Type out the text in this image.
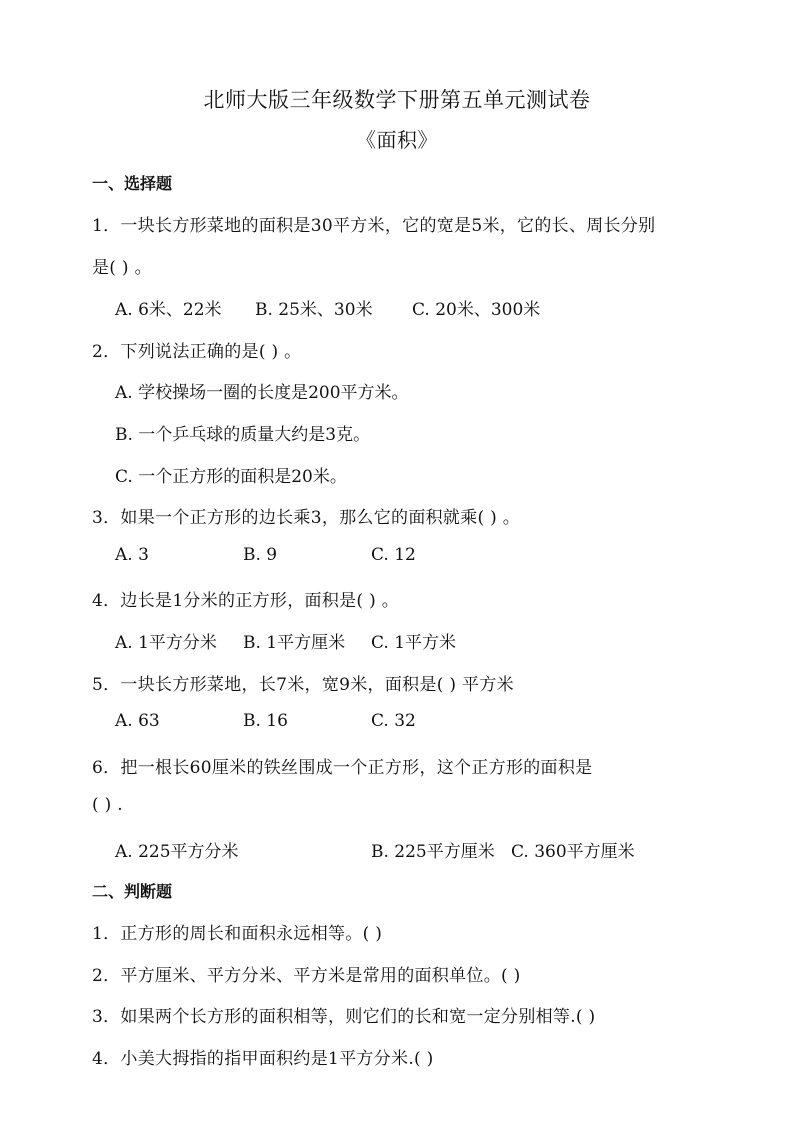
北师大版三年级数学下册第五单元测试卷
《面积》
一、选择题
1．一块长方形菜地的面积是30平方米，它的宽是5米，它的长、周长分别
是( ) 。
A. 6米、22米 B. 25米、30米 C. 20米、300米
2．下列说法正确的是( ) 。
A. 学校操场一圈的长度是200平方米。
B. 一个乒乓球的质量大约是3克。
C. 一个正方形的面积是20米。
3．如果一个正方形的边长乘3，那么它的面积就乘( ) 。
A. 3	B. 9	C. 12
4．边长是1分米的正方形，面积是( ) 。
A. 1平方分米 B. 1平方厘米 C. 1平方米
5．一块长方形菜地，长7米，宽9米，面积是( ) 平方米
A. 63	B. 16	C. 32
6．把一根长60厘米的铁丝围成一个正方形，这个正方形的面积是
( ) .
A. 225平方分米	B. 225平方厘米 C. 360平方厘米
二、判断题
1．正方形的周长和面积永远相等。( )
2．平方厘米、平方分米、平方米是常用的面积单位。( )
3．如果两个长方形的面积相等，则它们的长和宽一定分别相等.( )
4．小美大拇指的指甲面积约是1平方分米.( )
